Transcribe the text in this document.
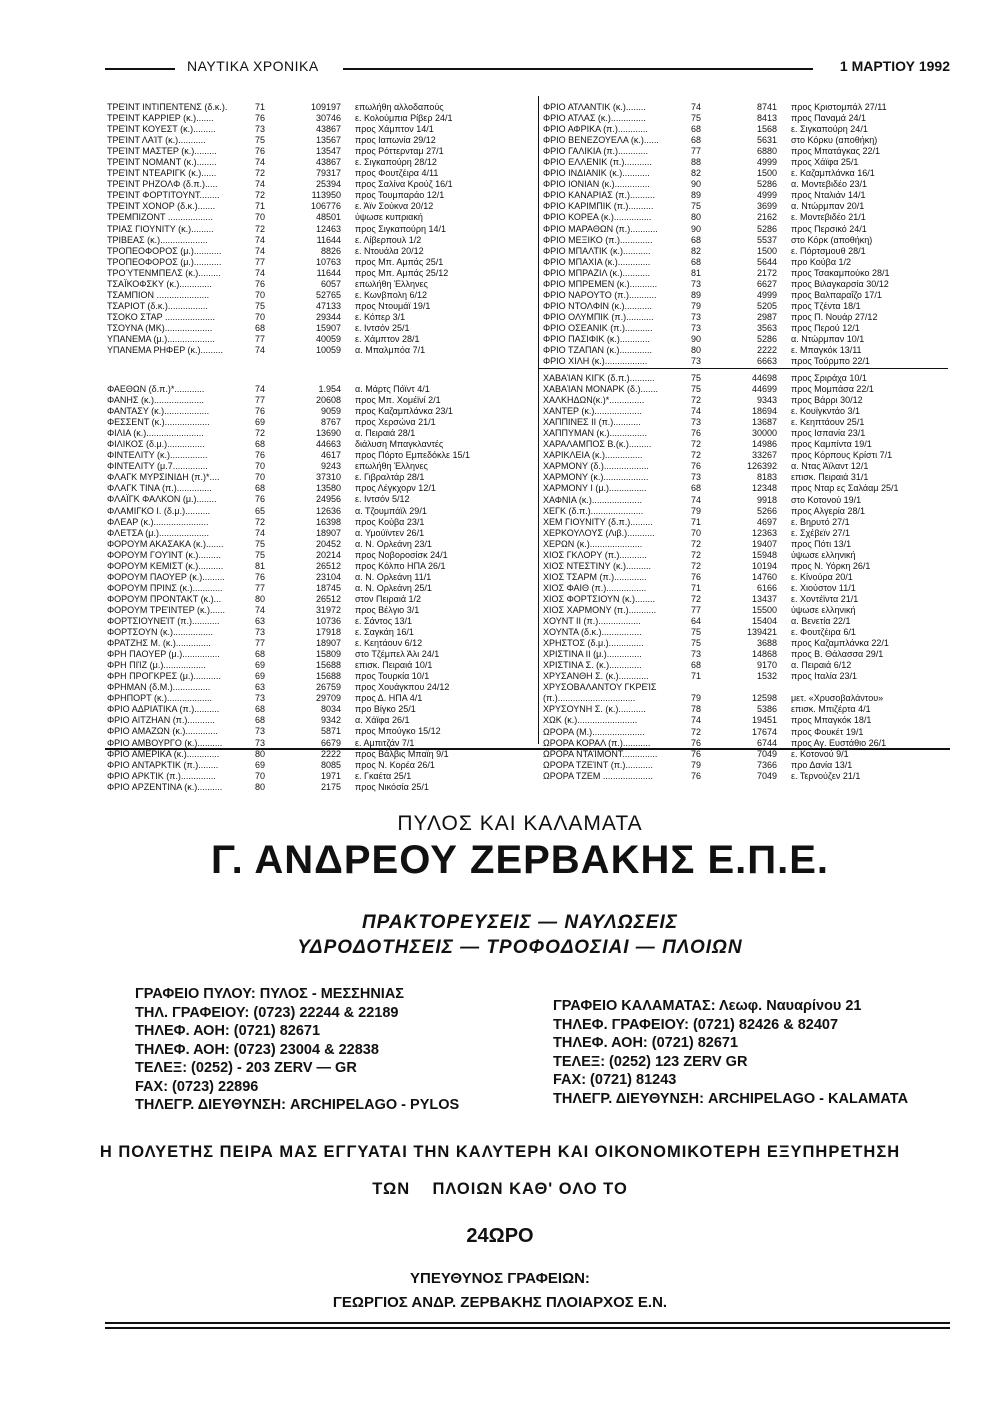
ΝΑΥΤΙΚΑ ΧΡΟΝΙΚΑ	1 ΜΑΡΤΙΟΥ 1992
ΤΡΕΊΝΤ ΙΝΤΙΠΕΝΤΕΝΣ (δ.κ.).	71	109197	επωλήθη αλλοδαπούς
ΤΡΕΊΝΤ ΚΑΡΡΙΕΡ (κ.).......	76	30746	ε. Κολούμπια Ρίβερ 24/1
ΤΡΕΊΝΤ ΚΟΥΕΣΤ (κ.).........	73	43867	προς Χάμπτον 14/1
ΤΡΕΊΝΤ ΛΑΊΤ (κ.)...........	75	13567	προς Ιαπωνία 29/12
ΤΡΕΊΝΤ ΜΑΣΤΕΡ (κ.).........	76	13547	προς Ρόττερνταμ 27/1
ΤΡΕΊΝΤ ΝΟΜΑΝΤ (κ.)........	74	43867	ε. Σιγκαπούρη 28/12
ΤΡΕΊΝΤ ΝΤΕΑΡΙΓΚ (κ.)......	72	79317	προς Φουτζέιρα 4/11
ΤΡΕΊΝΤ ΡΗΖΟΛΦ (δ.π.).....	74	25394	προς Σαλίνα Κρούζ 16/1
ΤΡΕΊΝΤ ΦΟΡΤΙΤΟΥΝΤ........	72	113950	προς Τουμπαράο 12/1
ΤΡΕΊΝΤ ΧΟΝΟΡ (δ.κ.).......	71	106776	ε. Άϊν Σούκνα 20/12
ΤΡΕΜΠΙΖΟΝΤ ..................	70	48501	ύψωσε κυπριακή
ΤΡΙΑΣ ΓΙΟΥΝΙΤΥ (κ.).........	72	12463	προς Σιγκαπούρη 14/1
ΤΡΙΒΕΑΣ (κ.)...................	74	11644	ε. Λίβερπουλ 1/2
ΤΡΟΠΕΟΦΟΡΟΣ (μ.)...........	74	8826	ε. Ντουάλα 20/12
ΤΡΟΠΕΟΦΟΡΟΣ (μ.)...........	77	10763	προς Μπ. Αμπάς 25/1
ΤΡΟΎΤΕΝΜΠΕΛΣ (κ.).........	74	11644	προς Μπ. Αμπάς 25/12
ΤΣΑΪΚΟΦΣΚΥ (κ.).............	76	6057	επωλήθη Έλληνες
ΤΣΑΜΠΙΟΝ .....................	70	52765	ε. Κωνβπολη 6/12
ΤΣΑΡΙΟΤ (δ.κ.)................	75	47133	προς Ντουμάϊ 19/1
ΤΣΟΚΟ ΣΤΑΡ ....................	70	29344	ε. Κόπερ 3/1
ΤΣΟΥΝΑ (ΜΚ)...................	68	15907	ε. Ιντσόν 25/1
ΥΠΑΝΕΜΑ (μ.)...................	77	40059	ε. Χάμπτον 28/1
ΥΠΑΝΕΜΑ ΡΗΦΕΡ (κ.).........	74	10059	α. Μπαλμπόα 7/1
ΦΡΙΟ ΑΤΛΑΝΤΙΚ (κ.)........	74	8741	προς Κριστομπάλ 27/11
ΦΡΙΟ ΑΤΛΑΣ (κ.)..............	75	8413	προς Παναμά 24/1
ΦΡΙΟ ΑΦΡΙΚΑ (π.)............	68	1568	ε. Σιγκαπούρη 24/1
ΦΡΙΟ ΒΕΝΕΖΟΥΕΛΑ (κ.)......	68	5631	στο Κόρκυ (αποθήκη)
ΦΡΙΟ ΓΑΛΙΚΙΑ (π.)............	77	6880	προς Μπατάγκας 22/1
ΦΡΙΟ ΕΛΛΕΝΙΚ (π.)...........	88	4999	προς Χάϊφα 25/1
ΦΡΙΟ ΙΝΔΙΑΝΙΚ (κ.)...........	82	1500	ε. Καζαμπλάνκα 16/1
ΦΡΙΟ ΙΟΝΙΑΝ (κ.)..............	90	5286	α. Μοντεβιδέο 23/1
ΦΡΙΟ ΚΑΝΑΡΙΑΣ (π.)..........	89	4999	προς Νταλιάν 14/1
ΦΡΙΟ ΚΑΡΙΜΠΙΚ (π.)..........	75	3699	α. Ντώρμπαν 20/1
ΦΡΙΟ ΚΟΡΕΑ (κ.)...............	80	2162	ε. Μοντεβιδέο 21/1
ΦΡΙΟ ΜΑΡΑΘΩΝ (π.)...........	90	5286	προς Περσικό 24/1
ΦΡΙΟ ΜΕΞΙΚΟ (π.).............	68	5537	στο Κόρκ (αποθήκη)
ΦΡΙΟ ΜΠΑΛΤΙΚ (κ.)...........	82	1500	ε. Πόρτσμουθ 28/1
ΦΡΙΟ ΜΠΑΧΙΑ (κ.).............	68	5644	προ Κούβα 1/2
ΦΡΙΟ ΜΠΡΑΖΙΛ (κ.)...........	81	2172	προς Τσακαμπούκο 28/1
ΦΡΙΟ ΜΠΡΕΜΕΝ (κ.)...........	73	6627	προς Βιλαγκαρσία 30/12
ΦΡΙΟ ΝΑΡΟΥΤΟ (π.)...........	89	4999	προς Βαλπαραΐζο 17/1
ΦΡΙΟ ΝΤΟΛΦΙΝ (κ.)...........	79	5205	προς Τζέντα 18/1
ΦΡΙΟ ΟΛΥΜΠΙΚ (π.)...........	73	2987	προς Π. Νουάρ 27/12
ΦΡΙΟ ΟΣΕΑΝΙΚ (π.)...........	73	3563	προς Περού 12/1
ΦΡΙΟ ΠΑΣΙΦΙΚ (κ.)............	90	5286	α. Ντώρμπαν 10/1
ΦΡΙΟ ΤΖΑΠΑΝ (κ.).............	80	2222	ε. Μπαγκόκ 13/11
ΦΡΙΟ ΧΙΛΗ (κ.).................	73	6663	προς Τούρμπο 22/1
ΦΑΕΘΩΝ (δ.π.)*............	74	1.954	α. Μάρτς Πόϊντ 4/1
ΦΑΝΗΣ (κ.)....................	77	20608	προς Μπ. Χομέϊνί 2/1
ΦΑΝΤΑΣΥ (κ.)..................	76	9059	προς Καζαμπλάνκα 23/1
ΦΕΣΣΕΝΤ (κ.)..................	69	8767	προς Χερσώνα 21/1
ΦΙΛΙΑ (κ.).......................	72	13690	α. Πειραιά 28/1
ΦΙΛΙΚΟΣ (δ.μ.)...............	68	44663	διάλυση Μπαγκλαντές
ΦΙΝΤΕΛΙΤΥ (κ.)...............	76	4617	προς Πόρτο Εμπεδόκλε 15/1
ΦΙΝΤΕΛΙΤΥ (μ.7..............	70	9243	επωλήθη Έλληνες
ΦΛΑΓΚ ΜΥΡΣΙΝΙΔΗ (π.)*....	70	37310	ε. Γιβραλτάρ 28/1
ΦΛΑΓΚ ΤΙΝΑ (π.)..............	68	13580	προς Λέγκχορν 12/1
ΦΛΑΪΓΚ ΦΑΛΚΟΝ (μ.)........	76	24956	ε. Ιντσόν 5/12
ΦΛΑΜΙΓΚΟ Ι. (δ.μ.)..........	65	12636	α. Τζουμπάϊλ 29/1
ΦΛΕΑΡ (κ.)......................	72	16398	προς Κούβα 23/1
ΦΛΕΤΣΑ (μ.)....................	74	18907	α. Υμούϊντεν 26/1
ΦΟΡΟΥΜ ΑΚΑΣΑΚΑ (κ.).......	75	20452	α. Ν. Ορλεάνη 23/1
ΦΟΡΟΥΜ ΓΟΥΊΝΤ (κ.).........	75	20214	προς Νοβοροσίσκ 24/1
ΦΟΡΟΥΜ ΚΕΜΙΣΤ (κ.)..........	81	26512	προς Κόλπο ΗΠΑ 26/1
ΦΟΡΟΥΜ ΠΑΟΥΕΡ (κ.).........	76	23104	α. Ν. Ορλεάνη 11/1
ΦΟΡΟΥΜ ΠΡΙΝΣ (κ.)............	77	18745	α. Ν. Ορλεάνη 25/1
ΦΟΡΟΥΜ ΠΡΟΝΤΑΚΤ (κ.)...	80	26512	στον Πειραιά 1/2
ΦΟΡΟΥΜ ΤΡΕΊΝΤΕΡ (κ.)......	74	31972	προς Βέλγιο 3/1
ΦΟΡΤΣΙΟΥΝΕΊΤ (π.)...........	63	10736	ε. Σάντος 13/1
ΦΟΡΤΣΟΥΝ (κ.)................	73	17918	ε. Σαγκάη 16/1
ΦΡΑΤΖΗΣ Μ. (κ.)..............	77	18907	ε. Κεητάουν 6/12
ΦΡΗ ΠΑΟΥΕΡ (μ.)...............	68	15809	στο Τζέμπελ Άλι 24/1
ΦΡΗ ΠΙΊΖ (μ.).................	69	15688	επισκ. Πειραιά 10/1
ΦΡΗ ΠΡΟΓΚΡΕΣ (μ.)...........	69	15688	προς Τουρκία 10/1
ΦΡΗΜΑΝ (δ.Μ.)...............	63	26759	προς Χουάγκπου 24/12
ΦΡΗΠΟΡΤ (κ.)..................	73	29709	προς Δ. ΗΠΑ 4/1
ΦΡΙΟ ΑΔΡΙΑΤΙΚΑ (π.)..........	68	8034	προ Βίγκο 25/1
ΦΡΙΟ ΑΙΤΖΗΑΝ (π.)...........	68	9342	α. Χάϊφα 26/1
ΦΡΙΟ ΑΜΑΖΩΝ (κ.).............	73	5871	προς Μπούγκο 15/12
ΦΡΙΟ ΑΜΒΟΥΡΓΟ (κ.)..........	73	6679	ε. Αμπιτζάν 7/1
ΦΡΙΟ ΑΜΕΡΙΚΑ (κ.).............	80	2222	προς Βάλβις Μπαϊη 9/1
ΦΡΙΟ ΑΝΤΑΡΚΤΙΚ (π.)........	69	8085	προς Ν. Κορέα 26/1
ΦΡΙΟ ΑΡΚΤΙΚ (π.)..............	70	1971	ε. Γκαέτα 25/1
ΦΡΙΟ ΑΡΖΕΝΤΙΝΑ (κ.)..........	80	2175	προς Νικόσία 25/1
ΧΑΒΑΊΑΝ ΚΙΓΚ (δ.π.)..........	75	44698	προς Σριράχα 10/1
ΧΑΒΑΊΑΝ ΜΟΝΑΡΚ (δ.).......	75	44699	προς Μομπάσα 22/1
ΧΑΛΚΗΔΩΝ(κ.)*..............	72	9343	προς Βάρρι 30/12
ΧΑΝΤΕΡ (κ.)...................	74	18694	ε. Κουϊγκντάο 3/1
ΧΑΠΠΙΝΕΣ ΙΙ (π.)...........	73	13687	ε. Κεηπτάουν 25/1
ΧΑΠΠΥΜΑΝ (κ.)...............	76	30000	προς Ισπανία 23/1
ΧΑΡΑΛΑΜΠΟΣ Β.(κ.).........	72	14986	προς Καμπίντα 19/1
ΧΑΡΙΚΛΕΙΑ (κ.)...............	72	33267	προς Κόρπους Κρίστι 7/1
ΧΑΡΜΟΝΥ (δ.)..................	76	126392	α. Ντας Άϊλαντ 12/1
ΧΑΡΜΟΝΥ (κ.)..................	73	8183	επισκ. Πειραιά 31/1
ΧΑΡΜΟΝΥ Ι (μ.)...............	68	12348	προς Νταρ ες Σαλάαμ 25/1
ΧΑΦΝΙΑ (κ.)....................	74	9918	στο Κοτονού 19/1
ΧΕΓΚ (δ.π.).....................	79	5266	προς Αλγερία 28/1
ΧΕΜ ΓΙΟΥΝΙΤΥ (δ.π.).........	71	4697	ε. Βηρυτό 27/1
ΧΕΡΚΟΥΛΟΥΣ (Λιβ.)...........	70	12363	ε. Σχέβεϊν 27/1
ΧΕΡΩΝ (κ.).....................	72	19407	προς Πότι 13/1
ΧΙΟΣ ΓΚΛΟΡΥ (π.)...........	72	15948	ύψωσε ελληνική
ΧΙΟΣ ΝΤΕΣΤΙΝΥ (κ.)..........	72	10194	προς Ν. Υόρκη 26/1
ΧΙΟΣ ΤΣΑΡΜ (π.).............	76	14760	ε. Κίνούρα 20/1
ΧΙΟΣ ΦΑΙΘ (π.)................	71	6166	ε. Χιούστον 11/1
ΧΙΟΣ ΦΟΡΤΣΙΟΥΝ (κ.)........	72	13437	ε. Χοντέϊντα 21/1
ΧΙΟΣ ΧΑΡΜΟΝΥ (π.)...........	77	15500	ύψωσε ελληνική
ΧΟΥΝΤ ΙΙ (π.).................	64	15404	α. Βενετία 22/1
ΧΟΥΝΤΑ (δ.κ.)................	75	139421	ε. Φουτζέιρα 6/1
ΧΡΗΣΤΟΣ (δ.μ.)..............	75	3688	προς Καζαμπλάνκα 22/1
ΧΡΙΣΤΙΝΑ ΙΙ (μ.)..............	73	14868	προς Β. Θάλασσα 29/1
ΧΡΙΣΤΙΝΑ Σ. (κ.).............	68	9170	α. Πειραιά 6/12
ΧΡΥΣΑΝΘΗ Σ. (κ.)............	71	1532	προς Ιταλία 23/1
ΧΡΥΣΟΒΑΛΑΝΤΟΥ ΓΚΡΕΊΣ
(π.)...............................	79	12598	μετ. «Χρυσοβαλάντου»
ΧΡΥΣΟΥΝΗ Σ. (κ.)...........	78	5386	επισκ. Μπιζέρτα 4/1
ΧΩΚ (κ.)........................	74	19451	προς Μπαγκόκ 18/1
ΩΡΟΡΑ (Μ.).....................	72	17674	προς Φουκέτ 19/1
ΩΡΟΡΑ ΚΟΡΑΛ (π.)...........	76	6744	προς Αγ. Ευστάθιο 26/1
ΩΡΟΡΑ ΝΤΑΊΜΟΝΤ..............	76	7049	ε. Κοτονού 9/1
ΩΡΟΡΑ ΤΖΕΊΝΤ (π.)...........	79	7366	προ Δανία 13/1
ΩΡΟΡΑ ΤΖΕΜ ....................	76	7049	ε. Τερνούζεν 21/1
ΠΥΛΟΣ ΚΑΙ ΚΑΛΑΜΑΤΑ
Γ. ΑΝΔΡΕΟΥ ΖΕΡΒΑΚΗΣ Ε.Π.Ε.
ΠΡΑΚΤΟΡΕΥΣΕΙΣ — ΝΑΥΛΩΣΕΙΣ
ΥΔΡΟΔΟΤΗΣΕΙΣ — ΤΡΟΦΟΔΟΣΙΑΙ — ΠΛΟΙΩΝ
ΓΡΑΦΕΙΟ ΠΥΛΟΥ: ΠΥΛΟΣ - ΜΕΣΣΗΝΙΑΣ
ΤΗΛ. ΓΡΑΦΕΙΟΥ: (0723) 22244 & 22189
ΤΗΛΕΦ. ΑΟΗ: (0721) 82671
ΤΗΛΕΦ. ΑΟΗ: (0723) 23004 & 22838
ΤΕΛΕΞ: (0252) - 203 ZERV — GR
FAX: (0723) 22896
ΤΗΛΕΓΡ. ΔΙΕΥΘΥΝΣΗ: ARCHIPELAGO - PYLOS
ΓΡΑΦΕΙΟ ΚΑΛΑΜΑΤΑΣ: Λεωφ. Ναυαρίνου 21
ΤΗΛΕΦ. ΓΡΑΦΕΙΟΥ: (0721) 82426 & 82407
ΤΗΛΕΦ. ΑΟΗ: (0721) 82671
ΤΕΛΕΞ: (0252) 123 ZERV GR
FAX: (0721) 81243
ΤΗΛΕΓΡ. ΔΙΕΥΘΥΝΣΗ: ARCHIPELAGO - KALAMATA
Η ΠΟΛΥΕΤΗΣ ΠΕΙΡΑ ΜΑΣ ΕΓΓΥΑΤΑΙ ΤΗΝ ΚΑΛΥΤΕΡΗ ΚΑΙ ΟΙΚΟΝΟΜΙΚΟΤΕΡΗ ΕΞΥΠΗΡΕΤΗΣΗ
ΤΩΝ    ΠΛΟΙΩΝ ΚΑΘ' ΟΛΟ ΤΟ
24ΩΡΟ
ΥΠΕΥΘΥΝΟΣ ΓΡΑΦΕΙΩΝ:
ΓΕΩΡΓΙΟΣ ΑΝΔΡ. ΖΕΡΒΑΚΗΣ ΠΛΟΙΑΡΧΟΣ Ε.Ν.
